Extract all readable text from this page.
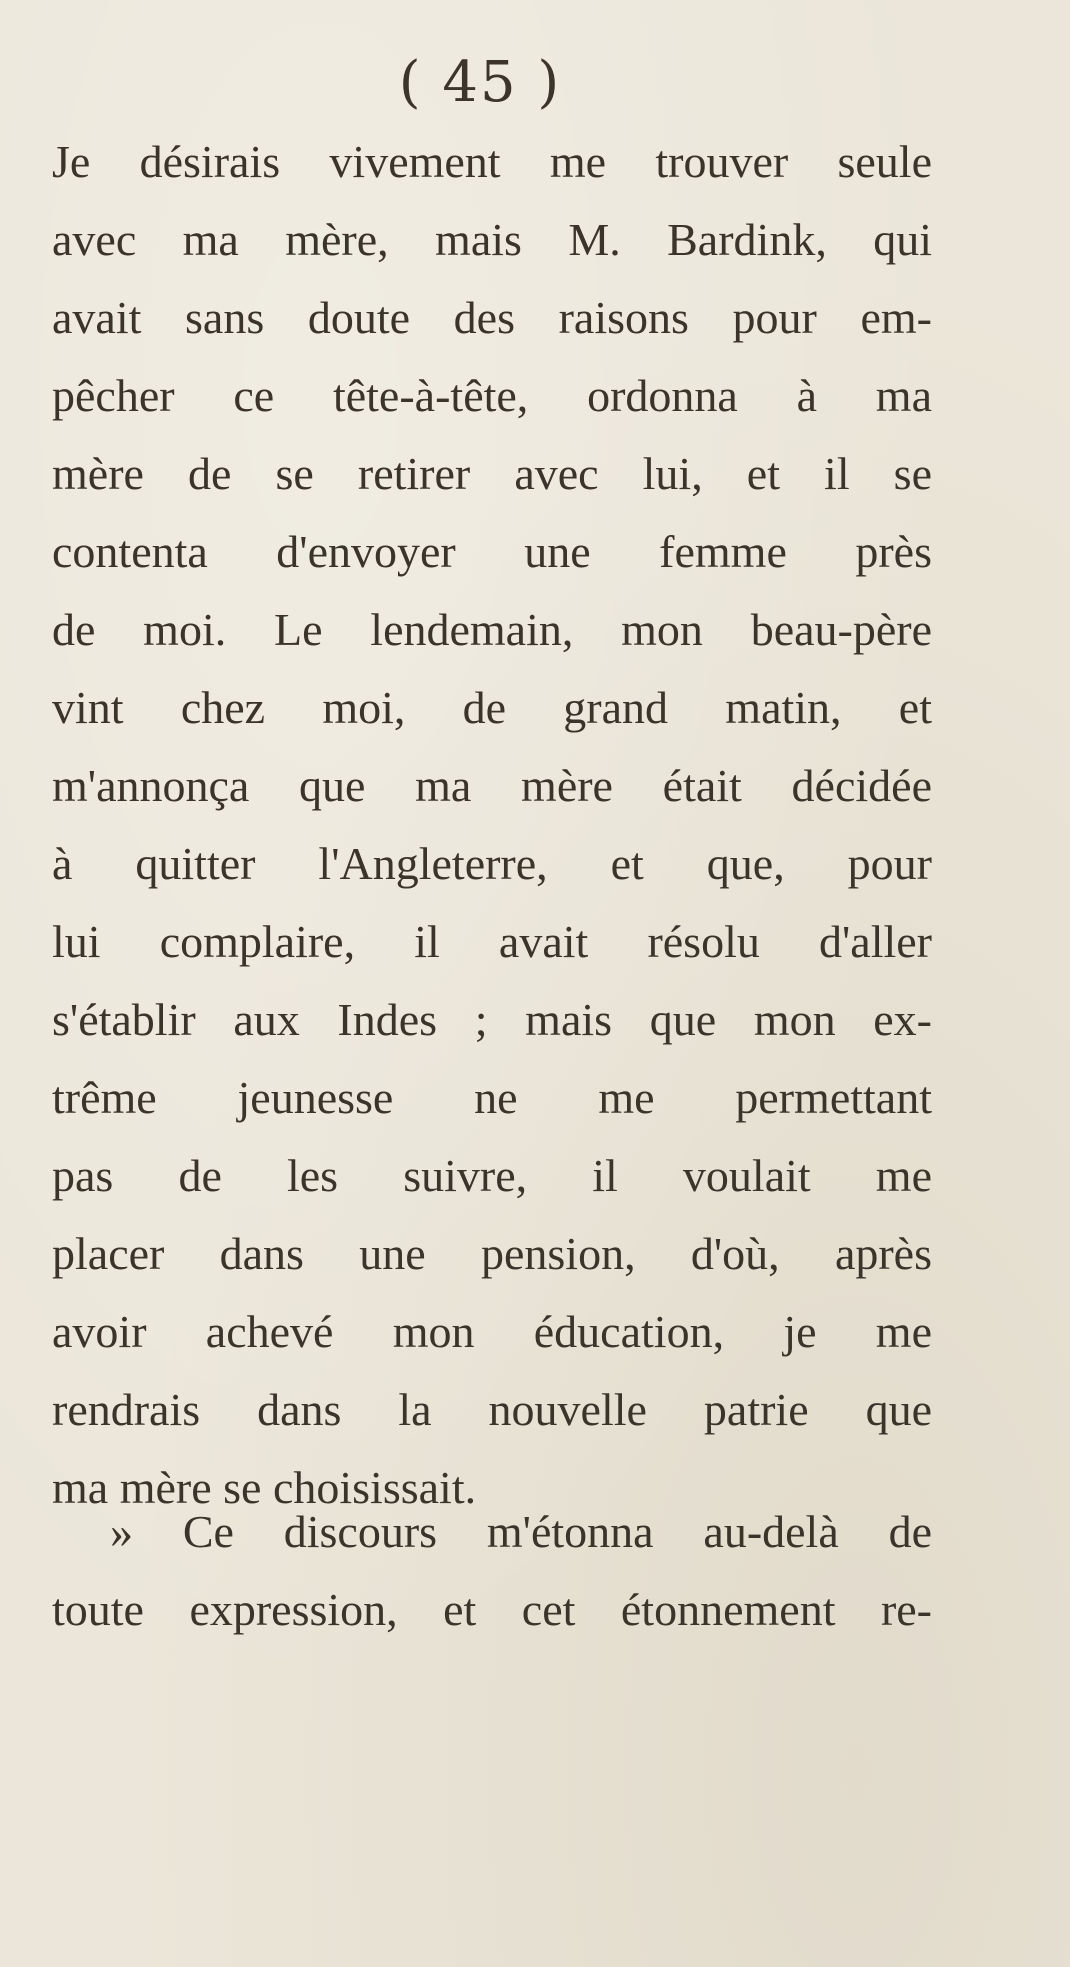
( 45 )
Je désirais vivement me trouver seule
avec ma mère, mais M. Bardink, qui
avait sans doute des raisons pour em-
pêcher ce tête-à-tête, ordonna à ma
mère de se retirer avec lui, et il se
contenta d'envoyer une femme près
de moi. Le lendemain, mon beau-père
vint chez moi, de grand matin, et
m'annonça que ma mère était décidée
à quitter l'Angleterre, et que, pour
lui complaire, il avait résolu d'aller
s'établir aux Indes ; mais que mon ex-
trême jeunesse ne me permettant
pas de les suivre, il voulait me
placer dans une pension, d'où, après
avoir achevé mon éducation, je me
rendrais dans la nouvelle patrie que
ma mère se choisissait.
» Ce discours m'étonna au-delà de
toute expression, et cet étonnement re-
